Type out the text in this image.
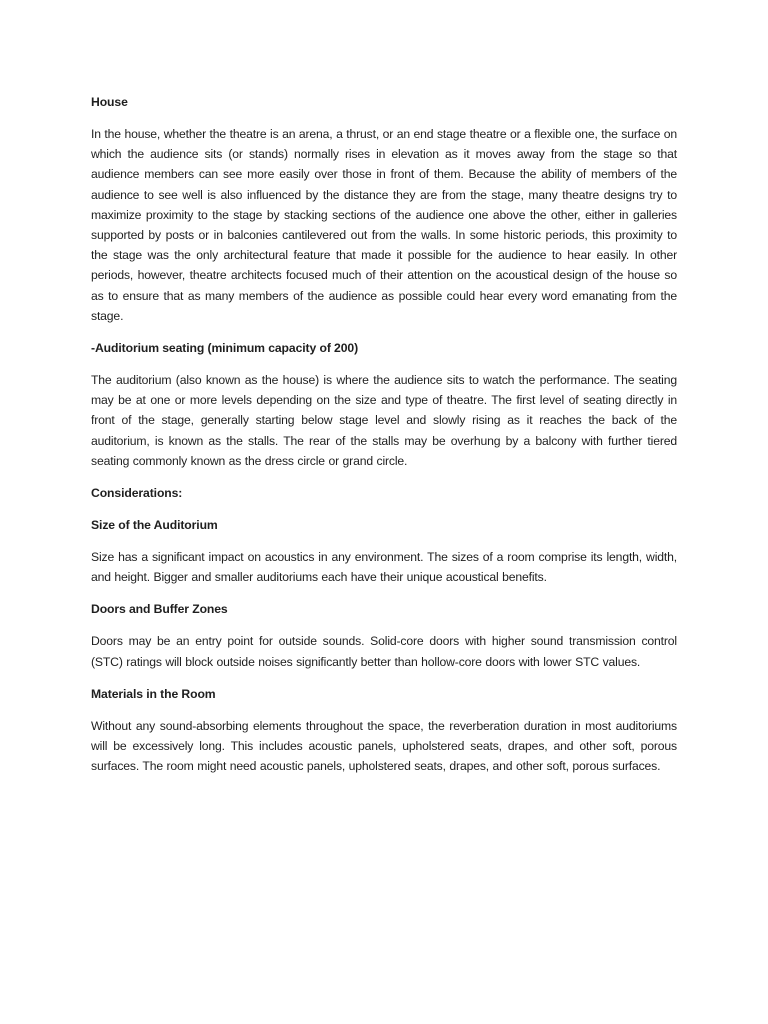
House
In the house, whether the theatre is an arena, a thrust, or an end stage theatre or a flexible one, the surface on which the audience sits (or stands) normally rises in elevation as it moves away from the stage so that audience members can see more easily over those in front of them. Because the ability of members of the audience to see well is also influenced by the distance they are from the stage, many theatre designs try to maximize proximity to the stage by stacking sections of the audience one above the other, either in galleries supported by posts or in balconies cantilevered out from the walls. In some historic periods, this proximity to the stage was the only architectural feature that made it possible for the audience to hear easily. In other periods, however, theatre architects focused much of their attention on the acoustical design of the house so as to ensure that as many members of the audience as possible could hear every word emanating from the stage.
-Auditorium seating (minimum capacity of 200)
The auditorium (also known as the house) is where the audience sits to watch the performance. The seating may be at one or more levels depending on the size and type of theatre. The first level of seating directly in front of the stage, generally starting below stage level and slowly rising as it reaches the back of the auditorium, is known as the stalls. The rear of the stalls may be overhung by a balcony with further tiered seating commonly known as the dress circle or grand circle.
Considerations:
Size of the Auditorium
Size has a significant impact on acoustics in any environment. The sizes of a room comprise its length, width, and height. Bigger and smaller auditoriums each have their unique acoustical benefits.
Doors and Buffer Zones
Doors may be an entry point for outside sounds. Solid-core doors with higher sound transmission control (STC) ratings will block outside noises significantly better than hollow-core doors with lower STC values.
Materials in the Room
Without any sound-absorbing elements throughout the space, the reverberation duration in most auditoriums will be excessively long. This includes acoustic panels, upholstered seats, drapes, and other soft, porous surfaces. The room might need acoustic panels, upholstered seats, drapes, and other soft, porous surfaces.
